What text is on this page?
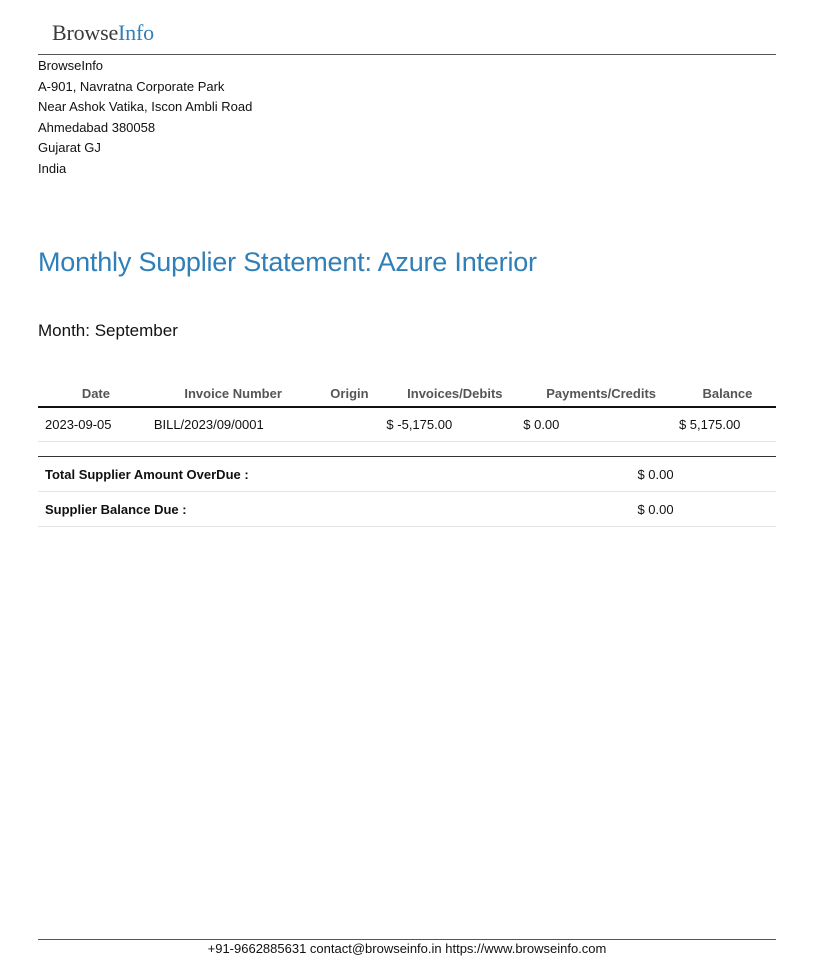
BrowseInfo
BrowseInfo
A-901, Navratna Corporate Park
Near Ashok Vatika, Iscon Ambli Road
Ahmedabad 380058
Gujarat GJ
India
Monthly Supplier Statement: Azure Interior
Month: September
Date	Invoice Number	Origin	Invoices/Debits	Payments/Credits	Balance
2023-09-05	BILL/2023/09/0001		$ -5,175.00	$ 0.00	$ 5,175.00
Total Supplier Amount OverDue :	$ 0.00
Supplier Balance Due :	$ 0.00
+91-9662885631 contact@browseinfo.in https://www.browseinfo.com
